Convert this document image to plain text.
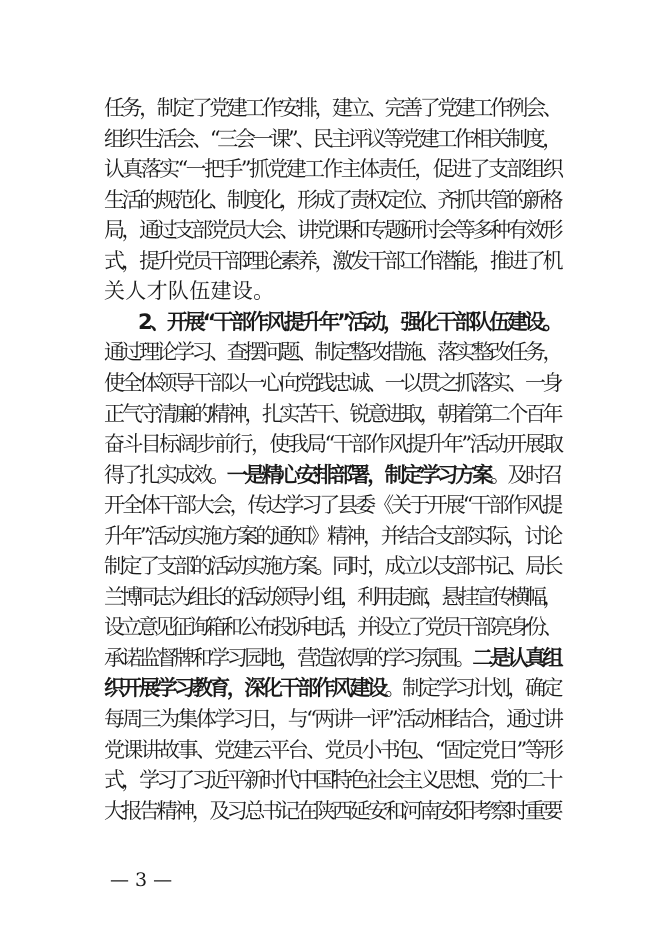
任务，制定了党建工作安排，建立、完善了党建工作例会、
组织生活会、“三会一课”、民主评议等党建工作相关制度，
认真落实“一把手”抓党建工作主体责任，促进了支部组织
生活的规范化、制度化，形成了责权定位、齐抓共管的新格
局，通过支部党员大会、讲党课和专题研讨会等多种有效形
式，提升党员干部理论素养，激发干部工作潜能，推进了机
关人才队伍建设。
2、开展“干部作风提升年”活动，强化干部队伍建设。
通过理论学习、查摆问题、制定整改措施、落实整改任务，
使全体领导干部以一心向党践忠诚、一以贯之抓落实、一身
正气守清廉的精神，扎实苦干、锐意进取，朝着第二个百年
奋斗目标阔步前行，使我局“干部作风提升年”活动开展取
得了扎实成效。一是精心安排部署，制定学习方案。及时召
开全体干部大会，传达学习了县委《关于开展“干部作风提
升年”活动实施方案的通知》精神，并结合支部实际，讨论
制定了支部的活动实施方案。同时，成立以支部书记、局长
兰博同志为组长的活动领导小组，利用走廊，悬挂宣传横幅，
设立意见征询箱和公布投诉电话，并设立了党员干部亮身份、
承诺监督牌和学习园地，营造浓厚的学习氛围。二是认真组
织开展学习教育，深化干部作风建设。制定学习计划，确定
每周三为集体学习日，与“两讲一评”活动相结合，通过讲
党课讲故事、党建云平台、党员小书包、“固定党日”等形
式，学习了习近平新时代中国特色社会主义思想、党的二十
大报告精神，及习总书记在陕西延安和河南安阳考察时重要
— 3 —
